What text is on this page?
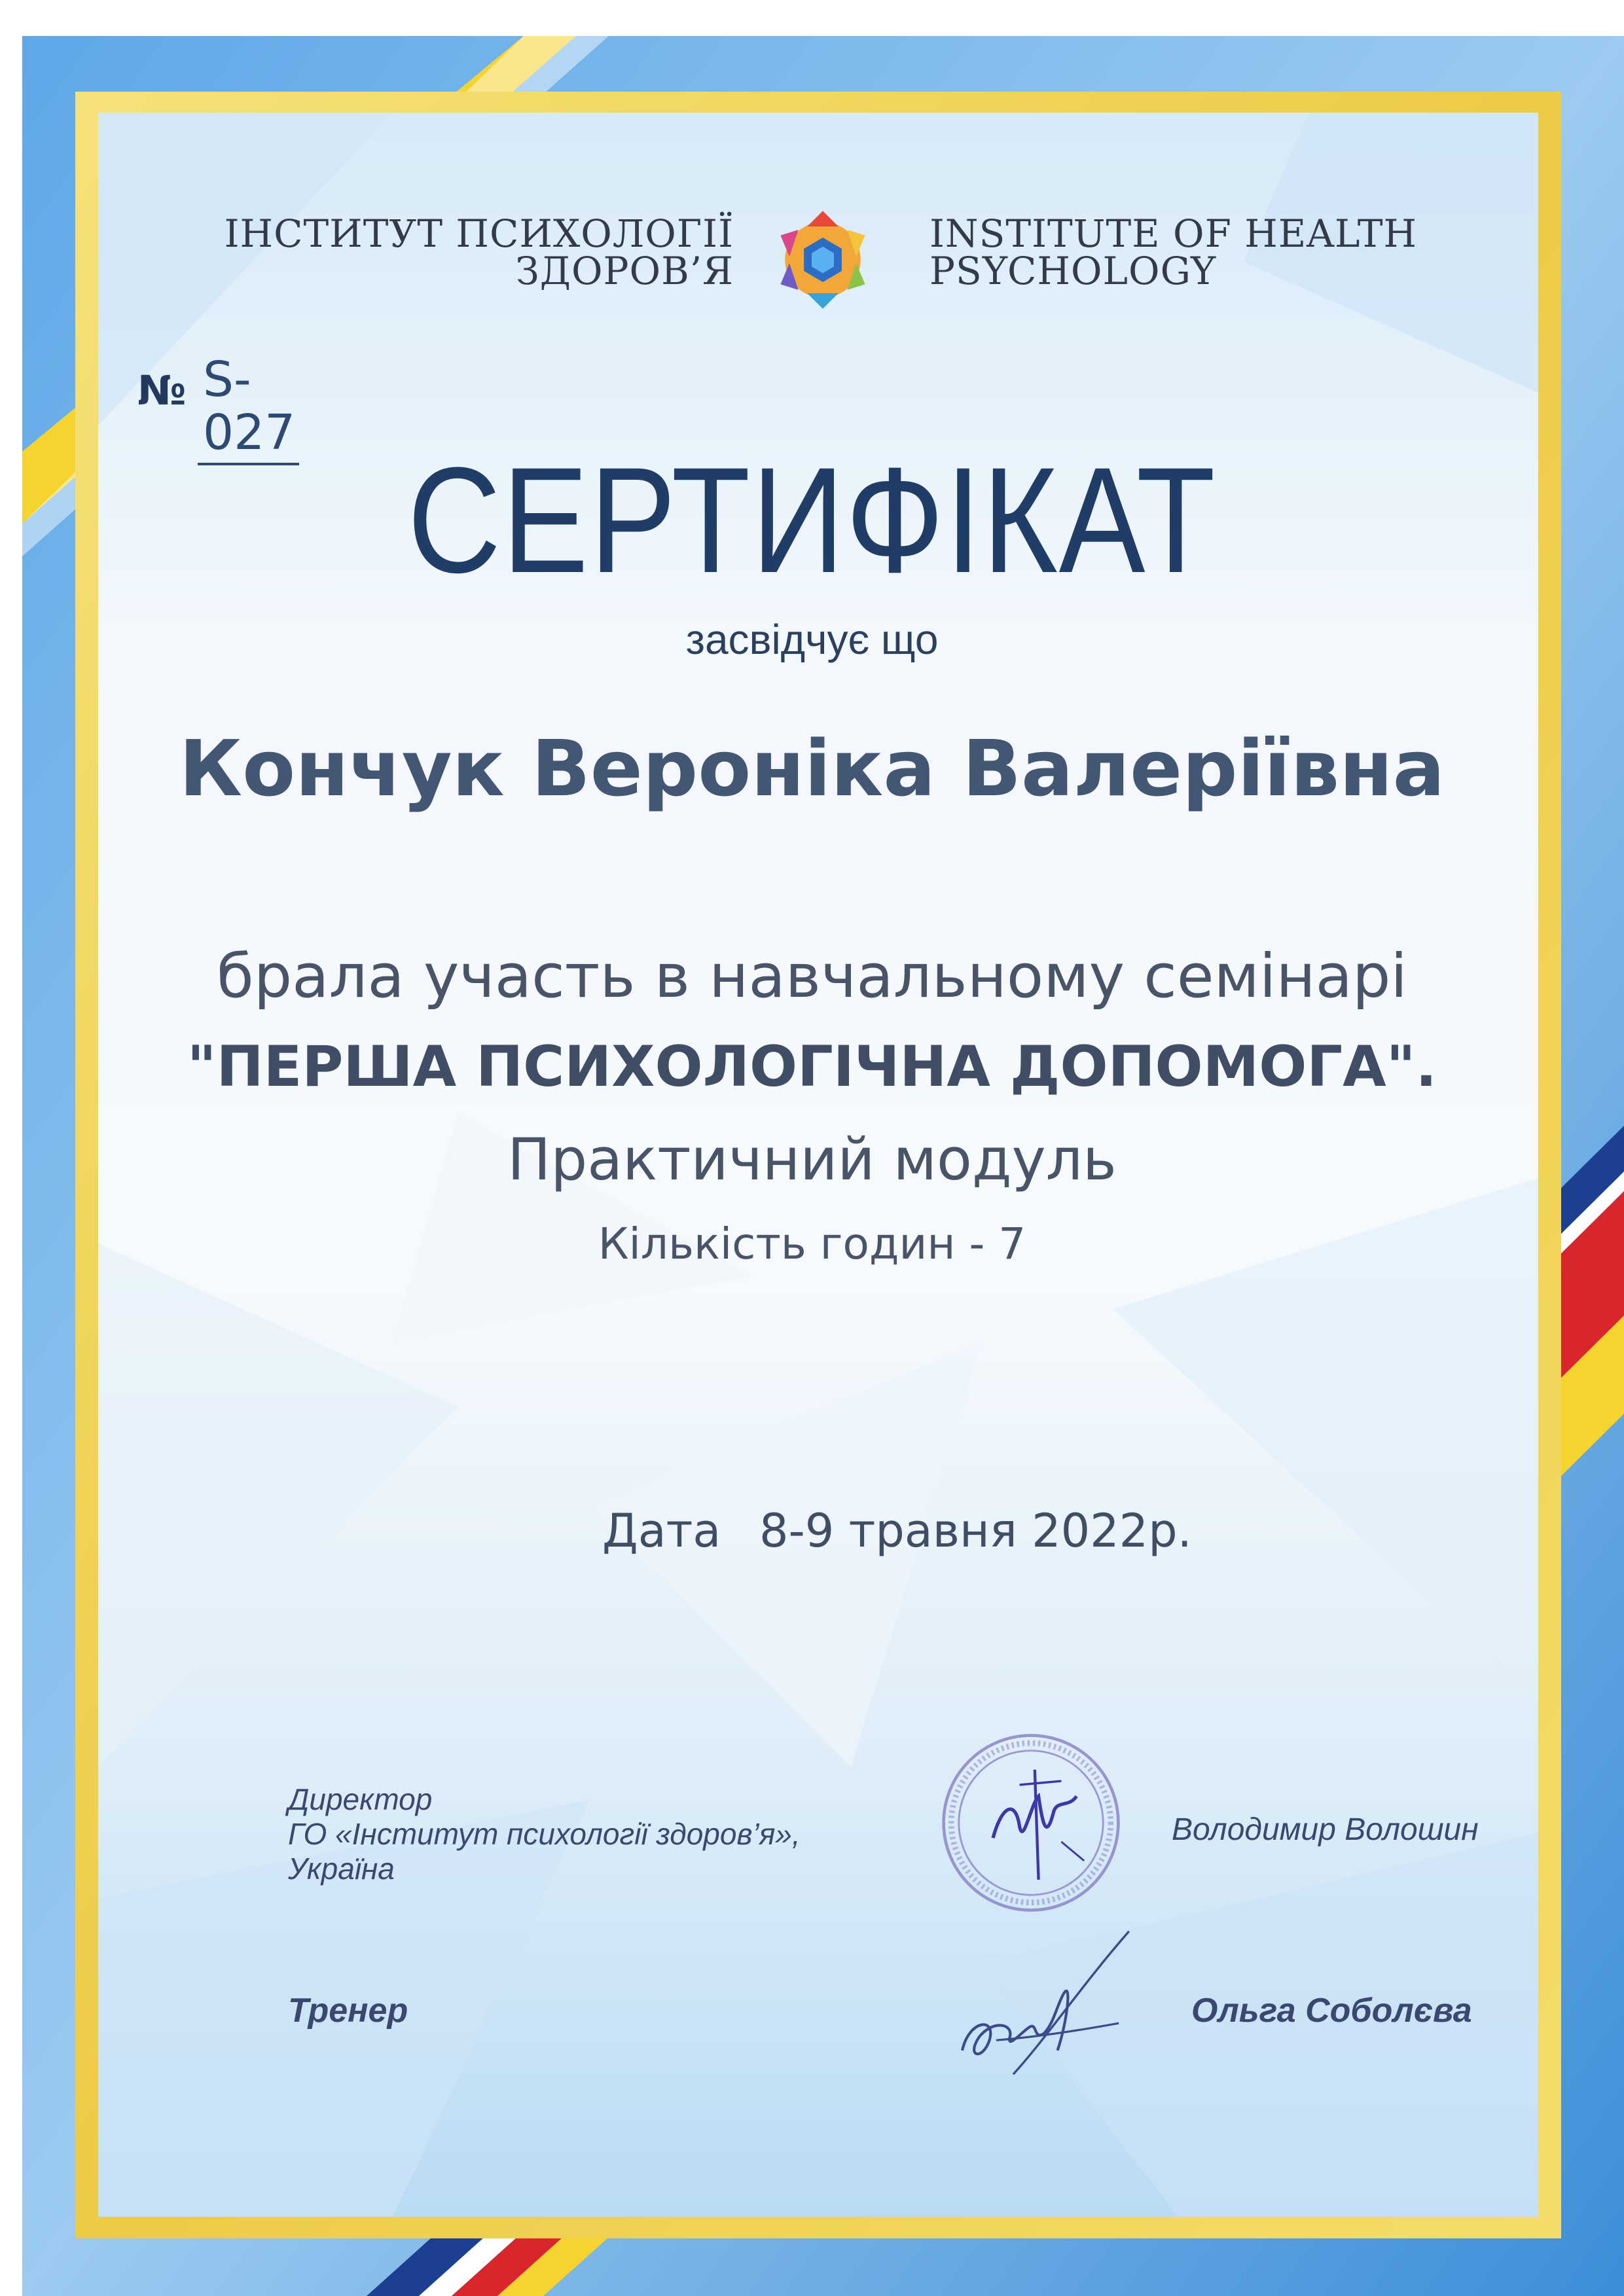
ІНСТИТУТ ПСИХОЛОГІЇ
ЗДОРОВ’Я
INSTITUTE OF HEALTH
PSYCHOLOGY
№ S-027
СЕРТИФІКАТ
засвідчує що
Кончук Вероніка Валеріївна
брала участь в навчальному семінарі
"ПЕРША ПСИХОЛОГІЧНА ДОПОМОГА".
Практичний модуль
Кількість годин - 7
Дата 8-9 травня 2022р.
Директор
ГО «Інститут психології здоров’я»,
Україна
Володимир Волошин
Тренер	Ольга Соболєва
